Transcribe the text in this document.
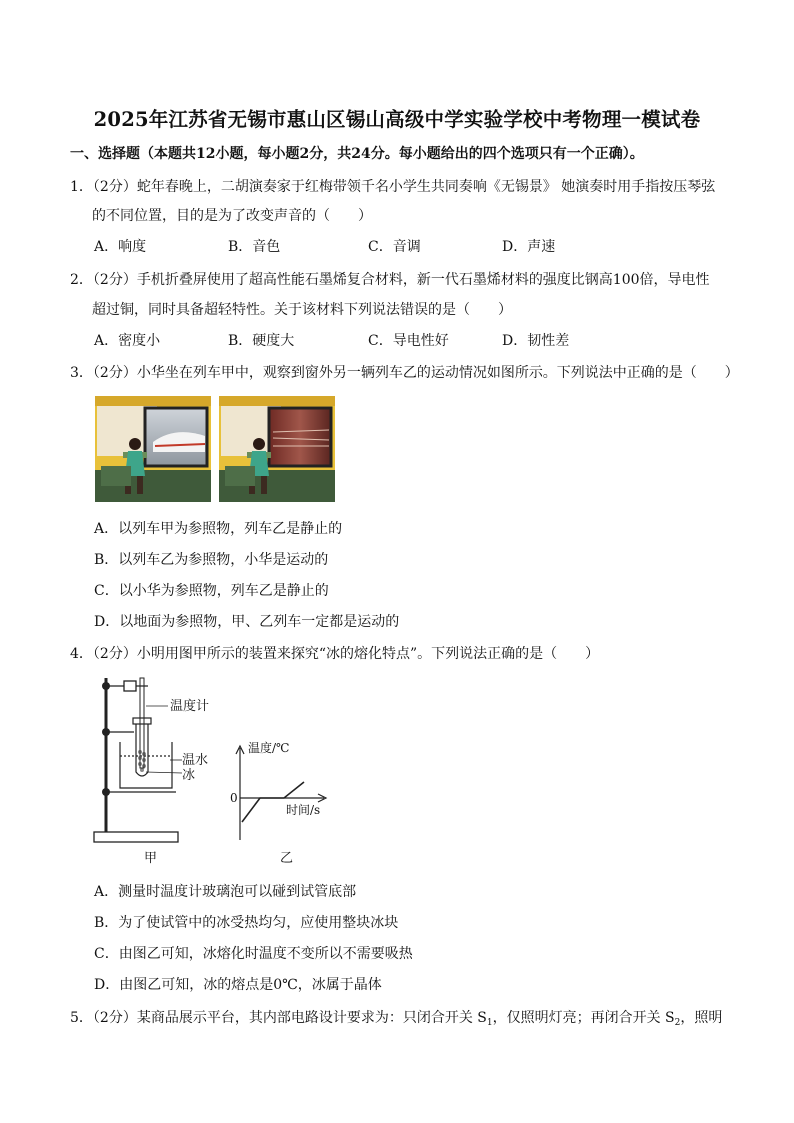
2025年江苏省无锡市惠山区锡山高级中学实验学校中考物理一模试卷
一、选择题（本题共12小题，每小题2分，共24分。每小题给出的四个选项只有一个正确）。
1．（2分）蛇年春晚上，二胡演奏家于红梅带领千名小学生共同奏响《无锡景》 她演奏时用手指按压琴弦
的不同位置，目的是为了改变声音的（　　）
A．响度	B．音色	C．音调	D．声速
2．（2分）手机折叠屏使用了超高性能石墨烯复合材料，新一代石墨烯材料的强度比钢高100倍，导电性
超过铜，同时具备超轻特性。关于该材料下列说法错误的是（　　）
A．密度小	B．硬度大	C．导电性好	D．韧性差
3．（2分）小华坐在列车甲中，观察到窗外另一辆列车乙的运动情况如图所示。下列说法中正确的是（　　）
A．以列车甲为参照物，列车乙是静止的
B．以列车乙为参照物，小华是运动的
C．以小华为参照物，列车乙是静止的
D．以地面为参照物，甲、乙列车一定都是运动的
4．（2分）小明用图甲所示的装置来探究“冰的熔化特点”。下列说法正确的是（　　）
温度计
温水
冰
甲
温度/℃
时间/s
0
乙
A．测量时温度计玻璃泡可以碰到试管底部
B．为了使试管中的冰受热均匀，应使用整块冰块
C．由图乙可知，冰熔化时温度不变所以不需要吸热
D．由图乙可知，冰的熔点是0℃，冰属于晶体
5．（2分）某商品展示平台，其内部电路设计要求为：只闭合开关 $S_1$，仅照明灯亮；再闭合开关 $S_2$，照明
